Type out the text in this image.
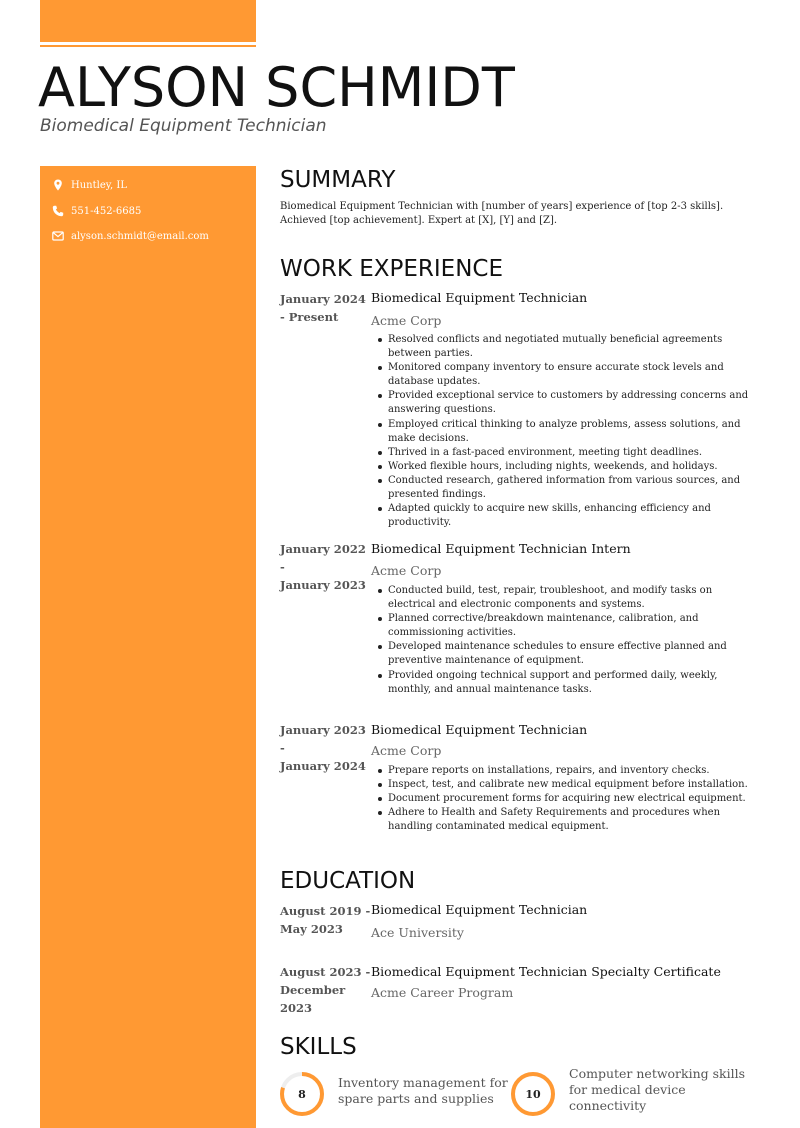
ALYSON SCHMIDT
Biomedical Equipment Technician
Huntley, IL
551-452-6685
alyson.schmidt@email.com
SUMMARY
Biomedical Equipment Technician with [number of years] experience of [top 2-3 skills]. Achieved [top achievement]. Expert at [X], [Y] and [Z].
WORK EXPERIENCE
January 2024
- Present
Biomedical Equipment Technician
Acme Corp
Resolved conflicts and negotiated mutually beneficial agreements between parties.
Monitored company inventory to ensure accurate stock levels and database updates.
Provided exceptional service to customers by addressing concerns and answering questions.
Employed critical thinking to analyze problems, assess solutions, and make decisions.
Thrived in a fast-paced environment, meeting tight deadlines.
Worked flexible hours, including nights, weekends, and holidays.
Conducted research, gathered information from various sources, and presented findings.
Adapted quickly to acquire new skills, enhancing efficiency and productivity.
January 2022
-
January 2023
Biomedical Equipment Technician Intern
Acme Corp
Conducted build, test, repair, troubleshoot, and modify tasks on electrical and electronic components and systems.
Planned corrective/breakdown maintenance, calibration, and commissioning activities.
Developed maintenance schedules to ensure effective planned and preventive maintenance of equipment.
Provided ongoing technical support and performed daily, weekly, monthly, and annual maintenance tasks.
January 2023
-
January 2024
Biomedical Equipment Technician
Acme Corp
Prepare reports on installations, repairs, and inventory checks.
Inspect, test, and calibrate new medical equipment before installation.
Document procurement forms for acquiring new electrical equipment.
Adhere to Health and Safety Requirements and procedures when handling contaminated medical equipment.
EDUCATION
August 2019 -
May 2023
Biomedical Equipment Technician
Ace University
August 2023 -
December 2023
Biomedical Equipment Technician Specialty Certificate
Acme Career Program
SKILLS
8
Inventory management for
spare parts and supplies	10
Computer networking skills
for medical device
connectivity
